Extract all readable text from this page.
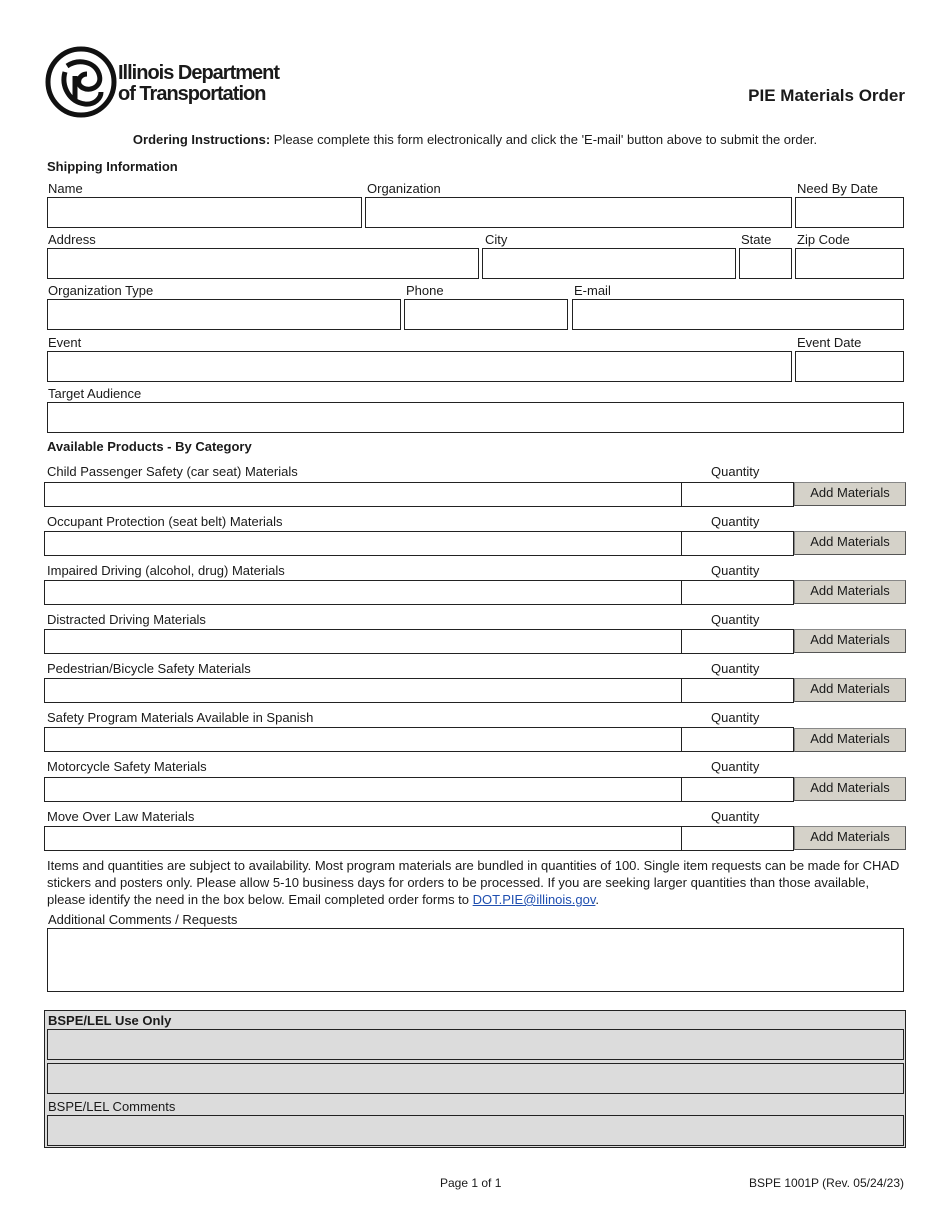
Illinois Department
of Transportation	PIE Materials Order
Ordering Instructions: Please complete this form electronically and click the 'E-mail' button above to submit the order.
Shipping Information
Name	Organization	Need By Date
Address	City	State Zip Code
Organization Type	Phone	E-mail
Event	Event Date
Target Audience
Available Products - By Category
Child Passenger Safety (car seat) Materials	Quantity
Add Materials
Occupant Protection (seat belt) Materials	Quantity
Add Materials
Impaired Driving (alcohol, drug) Materials	Quantity
Add Materials
Distracted Driving Materials	Quantity
Add Materials
Pedestrian/Bicycle Safety Materials	Quantity
Add Materials
Safety Program Materials Available in Spanish	Quantity
Add Materials
Motorcycle Safety Materials	Quantity
Add Materials
Move Over Law Materials	Quantity
Add Materials
Items and quantities are subject to availability. Most program materials are bundled in quantities of 100. Single item requests can be made for CHAD stickers and posters only. Please allow 5-10 business days for orders to be processed. If you are seeking larger quantities than those available, please identify the need in the box below. Email completed order forms to DOT.PIE@illinois.gov.
Additional Comments / Requests
BSPE/LEL Use Only
BSPE/LEL Comments
Page 1 of 1	BSPE 1001P (Rev. 05/24/23)
